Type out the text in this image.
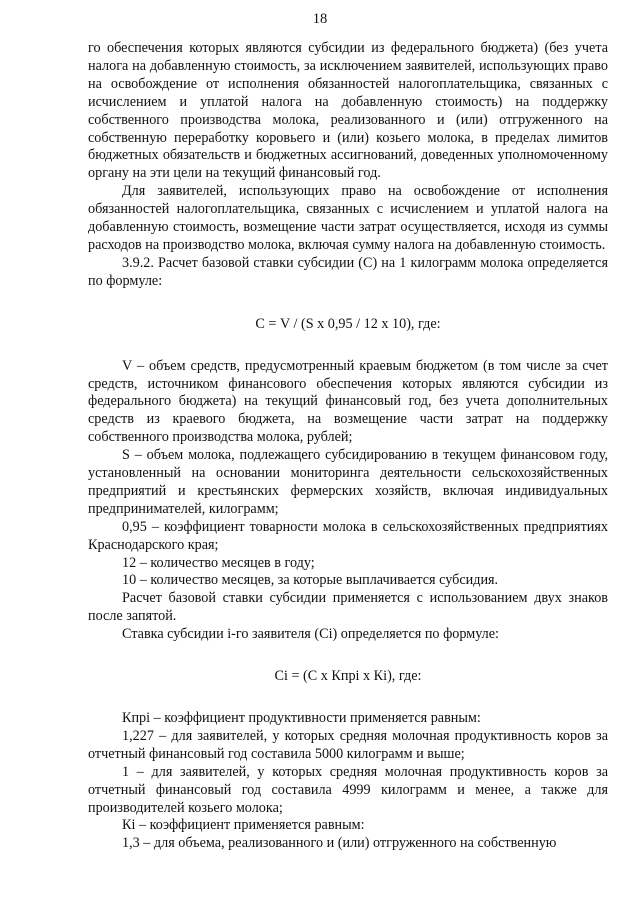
18

го обеспечения которых являются субсидии из федерального бюджета) (без учета налога на добавленную стоимость, за исключением заявителей, использующих право на освобождение от исполнения обязанностей налогоплательщика, связанных с исчислением и уплатой налога на добавленную стоимость) на поддержку собственного производства молока, реализованного и (или) отгруженного на собственную переработку коровьего и (или) козьего молока, в пределах лимитов бюджетных обязательств и бюджетных ассигнований, доведенных уполномоченному органу на эти цели на текущий финансовый год.

Для заявителей, использующих право на освобождение от исполнения обязанностей налогоплательщика, связанных с исчислением и уплатой налога на добавленную стоимость, возмещение части затрат осуществляется, исходя из суммы расходов на производство молока, включая сумму налога на добавленную стоимость.

3.9.2. Расчет базовой ставки субсидии (С) на 1 килограмм молока определяется по формуле:

С = V / (S х 0,95 / 12 х 10), где:

V – объем средств, предусмотренный краевым бюджетом (в том числе за счет средств, источником финансового обеспечения которых являются субсидии из федерального бюджета) на текущий финансовый год, без учета дополнительных средств из краевого бюджета, на возмещение части затрат на поддержку собственного производства молока, рублей;

S – объем молока, подлежащего субсидированию в текущем финансовом году, установленный на основании мониторинга деятельности сельскохозяйственных предприятий и крестьянских фермерских хозяйств, включая индивидуальных предпринимателей, килограмм;

0,95 – коэффициент товарности молока в сельскохозяйственных предприятиях Краснодарского края;

12 – количество месяцев в году;

10 – количество месяцев, за которые выплачивается субсидия.

Расчет базовой ставки субсидии применяется с использованием двух знаков после запятой.

Ставка субсидии i-го заявителя (Сi) определяется по формуле:

Сi = (С х Кпрi х Кi), где:

Кпрi – коэффициент продуктивности применяется равным:

1,227 – для заявителей, у которых средняя молочная продуктивность коров за отчетный финансовый год составила 5000 килограмм и выше;

1 – для заявителей, у которых средняя молочная продуктивность коров за отчетный финансовый год составила 4999 килограмм и менее, а также для производителей козьего молока;

Кi – коэффициент применяется равным:

1,3 – для объема, реализованного и (или) отгруженного на собственную
